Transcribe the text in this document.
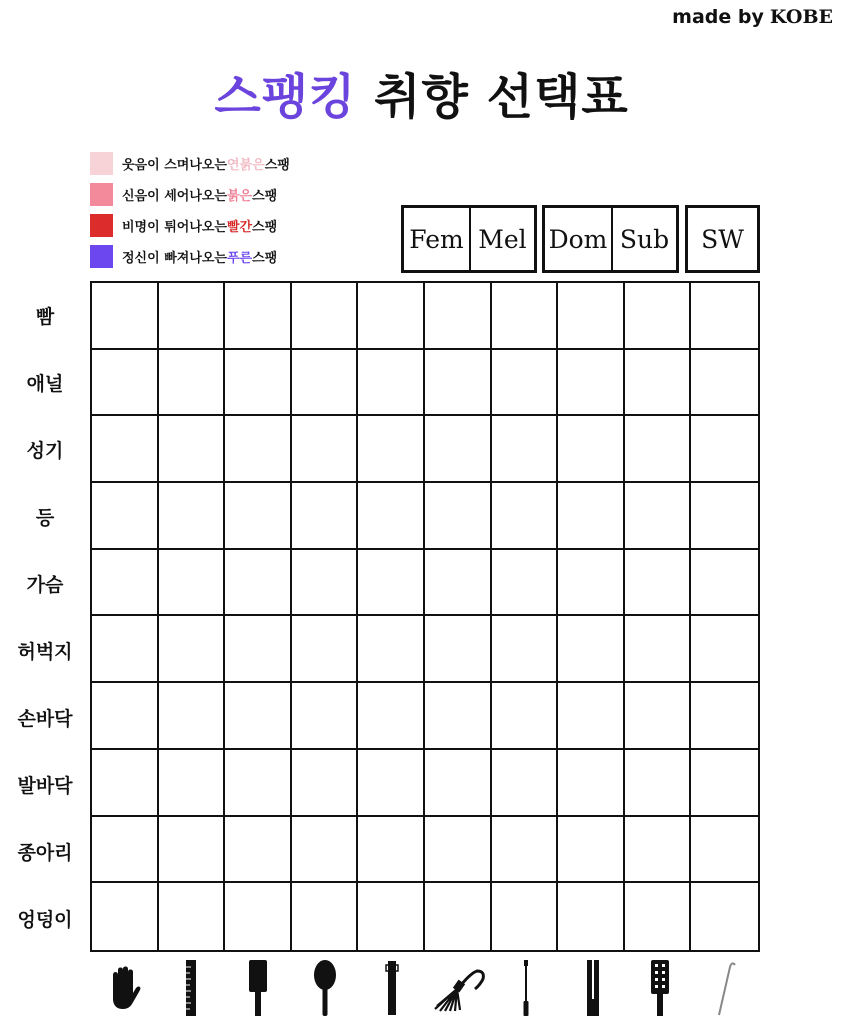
made by KOBE
스팽킹 취향 선택표
웃음이 스며나오는 연붉은 스팽
신음이 세어나오는 붉은 스팽
비명이 튀어나오는 빨간 스팽
정신이 빠져나오는 푸른 스팽
Fem Mel Dom Sub	SW
빰
애널
성기
등
가슴
허벅지
손바닥
발바닥
종아리
엉덩이
